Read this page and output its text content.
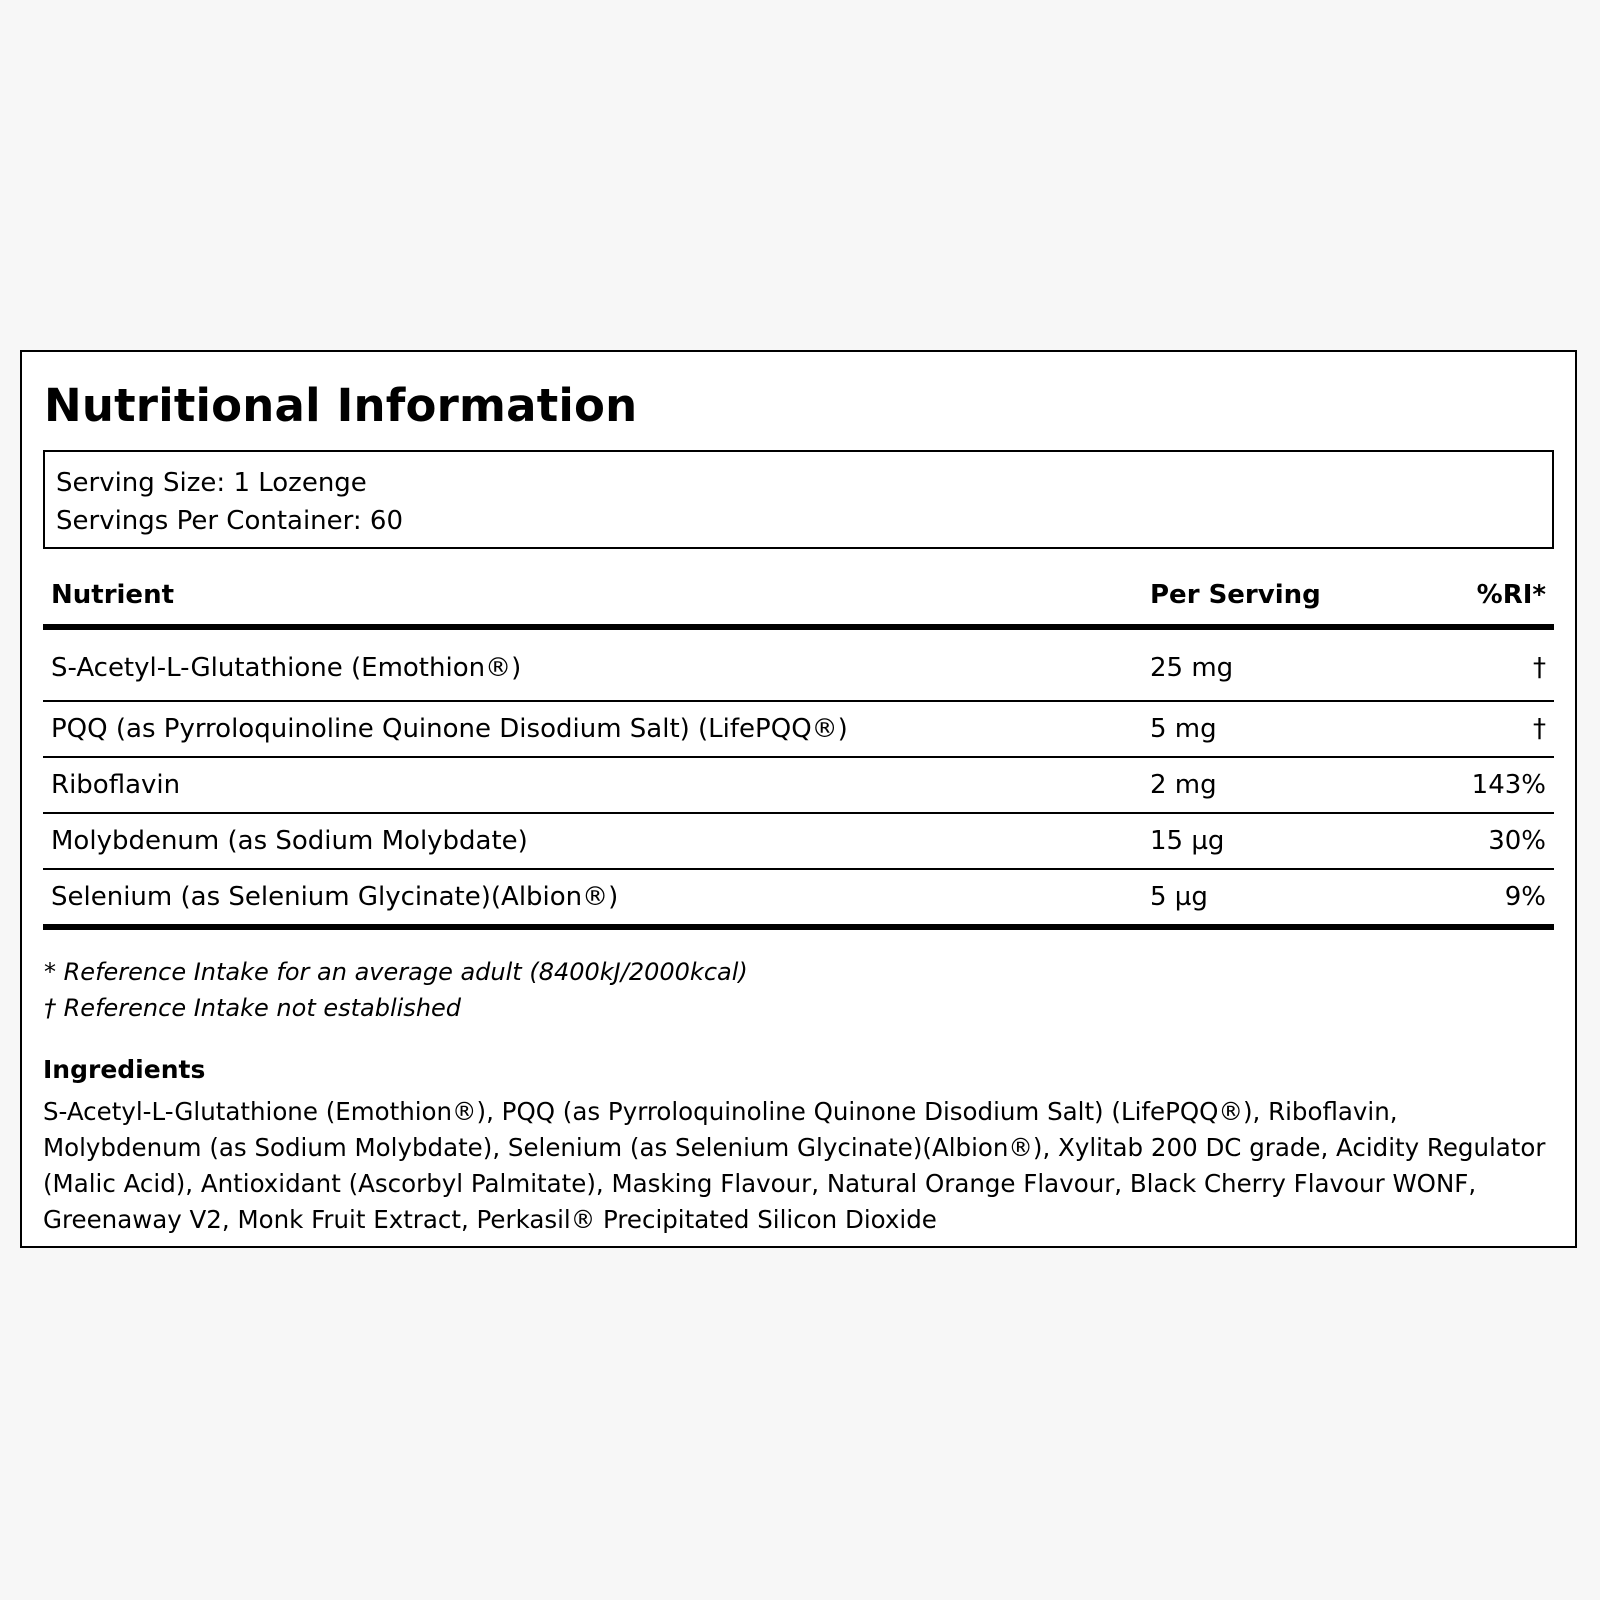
Nutritional Information
Serving Size: 1 Lozenge
Servings Per Container: 60
Nutrient	Per Serving	%RI*
S-Acetyl-L-Glutathione (Emothion®)	25 mg	†
PQQ (as Pyrroloquinoline Quinone Disodium Salt) (LifePQQ®)	5 mg	†
Riboflavin	2 mg	143%
Molybdenum (as Sodium Molybdate)	15 µg	30%
Selenium (as Selenium Glycinate)(Albion®)	5 µg	9%
* Reference Intake for an average adult (8400kJ/2000kcal)
† Reference Intake not established
Ingredients
S-Acetyl-L-Glutathione (Emothion®), PQQ (as Pyrroloquinoline Quinone Disodium Salt) (LifePQQ®), Riboflavin, Molybdenum (as Sodium Molybdate), Selenium (as Selenium Glycinate)(Albion®), Xylitab 200 DC grade, Acidity Regulator (Malic Acid), Antioxidant (Ascorbyl Palmitate), Masking Flavour, Natural Orange Flavour, Black Cherry Flavour WONF, Greenaway V2, Monk Fruit Extract, Perkasil® Precipitated Silicon Dioxide
